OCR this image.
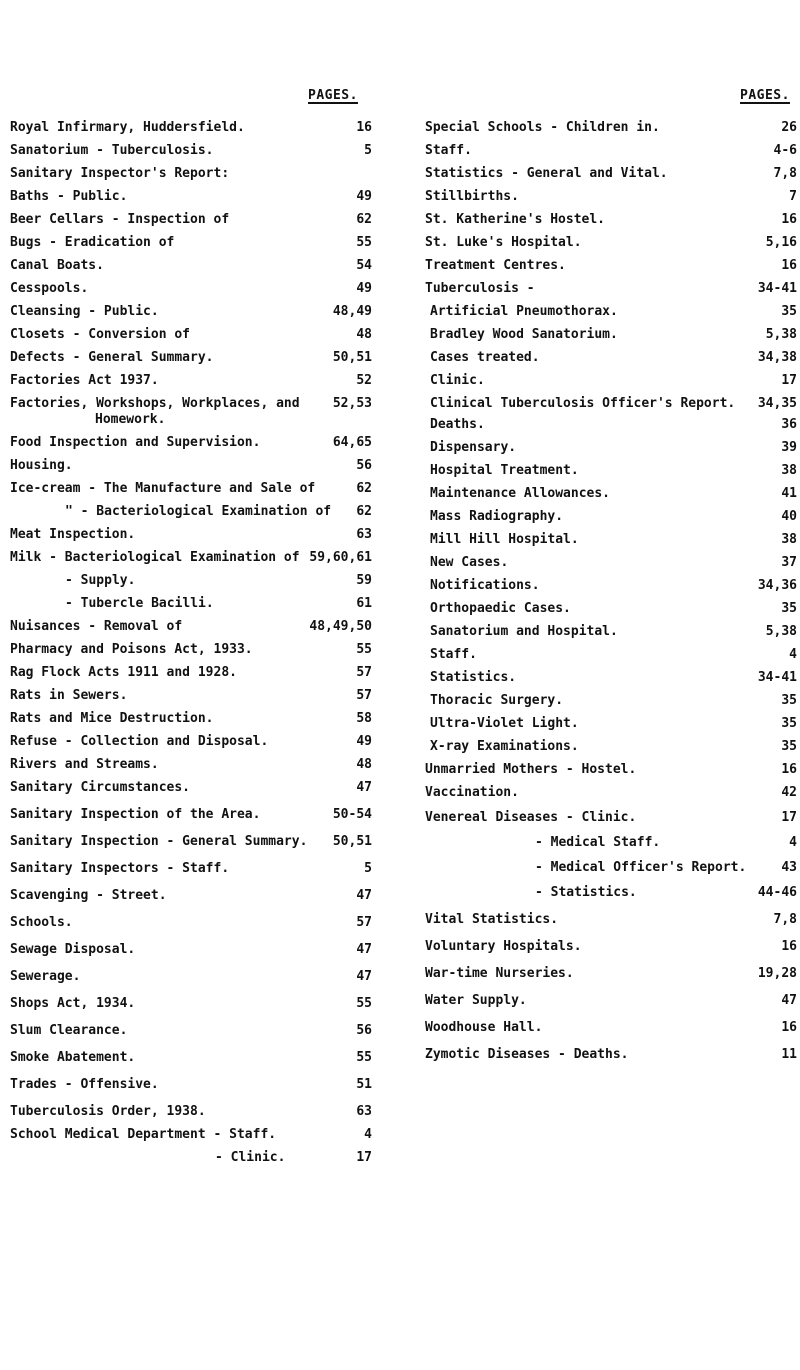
PAGES.
Royal Infirmary, Huddersfield.	16
Sanatorium - Tuberculosis.	5
Sanitary Inspector's Report:
Baths - Public.	49
Beer Cellars - Inspection of	62
Bugs - Eradication of	55
Canal Boats.	54
Cesspools.	49
Cleansing - Public.	48,49
Closets - Conversion of	48
Defects - General Summary.	50,51
Factories Act 1937.	52
Factories, Workshops, Workplaces, and	52,53
Homework.
Food Inspection and Supervision.	64,65
Housing.	56
Ice-cream - The Manufacture and Sale of	62
" - Bacteriological Examination of	62
Meat Inspection.	63
Milk - Bacteriological Examination of 59,60,61
- Supply.	59
- Tubercle Bacilli.	61
Nuisances - Removal of	48,49,50
Pharmacy and Poisons Act, 1933.	55
Rag Flock Acts 1911 and 1928.	57
Rats in Sewers.	57
Rats and Mice Destruction.	58
Refuse - Collection and Disposal.	49
Rivers and Streams.	48
Sanitary Circumstances.	47
Sanitary Inspection of the Area.	50-54
Sanitary Inspection - General Summary.	50,51
Sanitary Inspectors - Staff.	5
Scavenging - Street.	47
Schools.	57
Sewage Disposal.	47
Sewerage.	47
Shops Act, 1934.	55
Slum Clearance.	56
Smoke Abatement.	55
Trades - Offensive.	51
Tuberculosis Order, 1938.	63
School Medical Department - Staff.	4
- Clinic.	17
PAGES.
Special Schools - Children in.	26
Staff.	4-6
Statistics - General and Vital.	7,8
Stillbirths.	7
St. Katherine's Hostel.	16
St. Luke's Hospital.	5,16
Treatment Centres.	16
Tuberculosis -	34-41
Artificial Pneumothorax.	35
Bradley Wood Sanatorium.	5,38
Cases treated.	34,38
Clinic.	17
Clinical Tuberculosis Officer's Report.	34,35
Deaths.	36
Dispensary.	39
Hospital Treatment.	38
Maintenance Allowances.	41
Mass Radiography.	40
Mill Hill Hospital.	38
New Cases.	37
Notifications.	34,36
Orthopaedic Cases.	35
Sanatorium and Hospital.	5,38
Staff.	4
Statistics.	34-41
Thoracic Surgery.	35
Ultra-Violet Light.	35
X-ray Examinations.	35
Unmarried Mothers - Hostel.	16
Vaccination.	42
Venereal Diseases - Clinic.	17
- Medical Staff.	4
- Medical Officer's Report.	43
- Statistics.	44-46
Vital Statistics.	7,8
Voluntary Hospitals.	16
War-time Nurseries.	19,28
Water Supply.	47
Woodhouse Hall.	16
Zymotic Diseases - Deaths.	11
